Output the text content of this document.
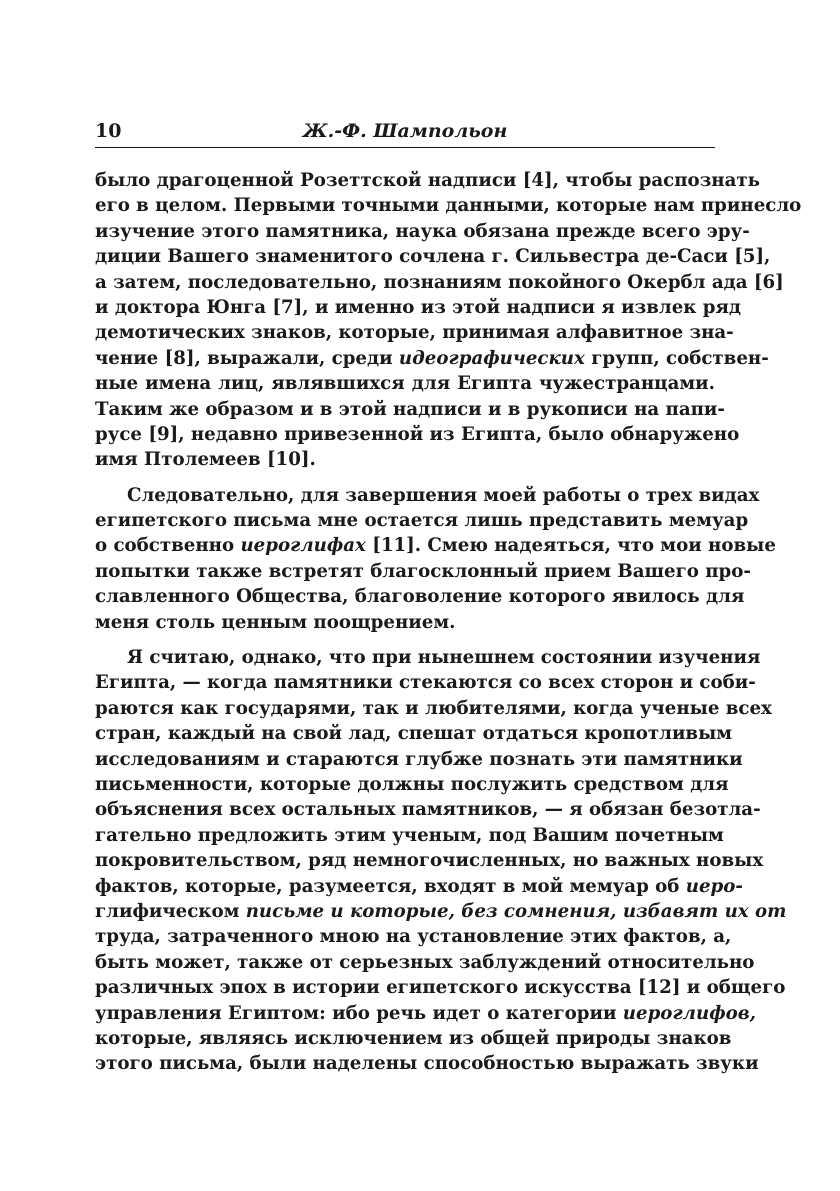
10	Ж.-Ф. Шампольон
было драгоценной Розеттской надписи [4], чтобы распознать
его в целом. Первыми точными данными, которые нам принесло
изучение этого памятника, наука обязана прежде всего эру-
диции Вашего знаменитого сочлена г. Сильвестра де-Саси [5],
а затем, последовательно, познаниям покойного Окербл ада [6]
и доктора Юнга [7], и именно из этой надписи я извлек ряд
демотических знаков, которые, принимая алфавитное зна-
чение [8], выражали, среди идеографических групп, собствен-
ные имена лиц, являвшихся для Египта чужестранцами.
Таким же образом и в этой надписи и в рукописи на папи-
русе [9], недавно привезенной из Египта, было обнаружено
имя Птолемеев [10].
Следовательно, для завершения моей работы о трех видах
египетского письма мне остается лишь представить мемуар
о собственно иероглифах [11]. Смею надеяться, что мои новые
попытки также встретят благосклонный прием Вашего про-
славленного Общества, благоволение которого явилось для
меня столь ценным поощрением.
Я считаю, однако, что при нынешнем состоянии изучения
Египта, — когда памятники стекаются со всех сторон и соби-
раются как государями, так и любителями, когда ученые всех
стран, каждый на свой лад, спешат отдаться кропотливым
исследованиям и стараются глубже познать эти памятники
письменности, которые должны послужить средством для
объяснения всех остальных памятников, — я обязан безотла-
гательно предложить этим ученым, под Вашим почетным
покровительством, ряд немногочисленных, но важных новых
фактов, которые, разумеется, входят в мой мемуар об иеро-
глифическом письме и которые, без сомнения, избавят их от
труда, затраченного мною на установление этих фактов, а,
быть может, также от серьезных заблуждений относительно
различных эпох в истории египетского искусства [12] и общего
управления Египтом: ибо речь идет о категории иероглифов,
которые, являясь исключением из общей природы знаков
этого письма, были наделены способностью выражать звуки
